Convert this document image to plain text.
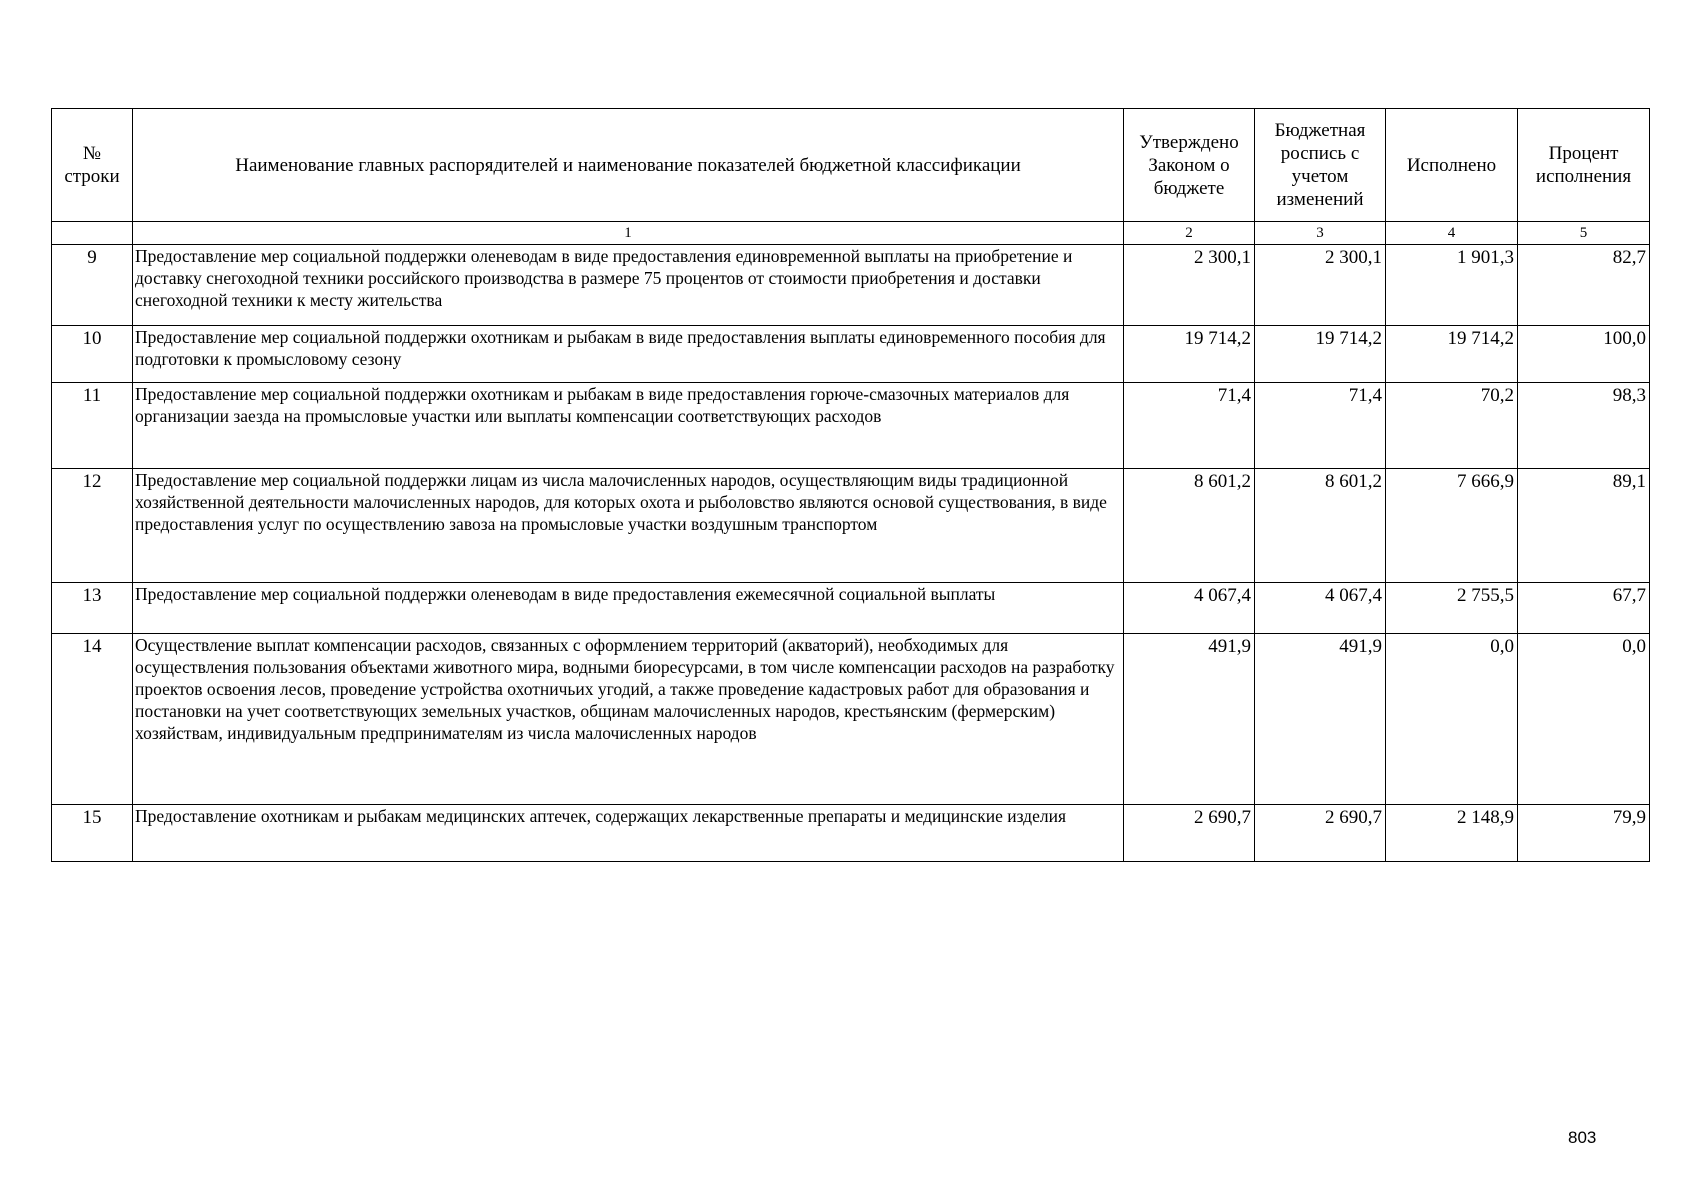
№ строки	Наименование главных распорядителей и наименование показателей бюджетной классификации	Утверждено Законом о бюджете	Бюджетная роспись с учетом изменений	Исполнено	Процент исполнения
	1	2	3	4	5
9	Предоставление мер социальной поддержки оленеводам в виде предоставления единовременной выплаты на приобретение и доставку снегоходной техники российского производства в размере 75 процентов от стоимости приобретения и доставки снегоходной техники к месту жительства	2 300,1	2 300,1	1 901,3	82,7
10	Предоставление мер социальной поддержки охотникам и рыбакам в виде предоставления выплаты единовременного пособия для подготовки к промысловому сезону	19 714,2	19 714,2	19 714,2	100,0
11	Предоставление мер социальной поддержки охотникам и рыбакам в виде предоставления горюче-смазочных материалов для организации заезда на промысловые участки или выплаты компенсации соответствующих расходов	71,4	71,4	70,2	98,3
12	Предоставление мер социальной поддержки лицам из числа малочисленных народов, осуществляющим виды традиционной хозяйственной деятельности малочисленных народов, для которых охота и рыболовство являются основой существования, в виде предоставления услуг по осуществлению завоза на промысловые участки воздушным транспортом	8 601,2	8 601,2	7 666,9	89,1
13	Предоставление мер социальной поддержки оленеводам в виде предоставления ежемесячной социальной выплаты	4 067,4	4 067,4	2 755,5	67,7
14	Осуществление выплат компенсации расходов, связанных с оформлением территорий (акваторий), необходимых для осуществления пользования объектами животного мира, водными биоресурсами, в том числе компенсации расходов на разработку проектов освоения лесов, проведение устройства охотничьих угодий, а также проведение кадастровых работ для образования и постановки на учет соответствующих земельных участков, общинам малочисленных народов, крестьянским (фермерским) хозяйствам, индивидуальным предпринимателям из числа малочисленных народов	491,9	491,9	0,0	0,0
15	Предоставление охотникам и рыбакам медицинских аптечек, содержащих лекарственные препараты и медицинские изделия	2 690,7	2 690,7	2 148,9	79,9
803
